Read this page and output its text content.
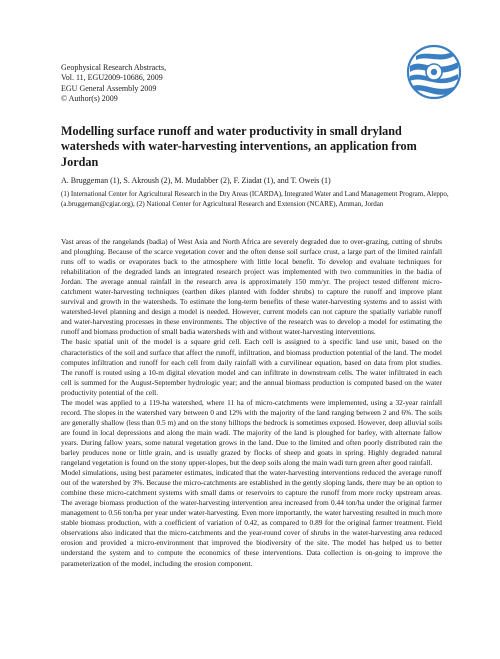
Geophysical Research Abstracts,
Vol. 11, EGU2009-10686, 2009
EGU General Assembly 2009
© Author(s) 2009
Modelling surface runoff and water productivity in small dryland watersheds with water-harvesting interventions, an application from Jordan
A. Bruggeman (1), S. Akroush (2), M. Mudabber (2), F. Ziadat (1), and T. Oweis (1)
(1) International Center for Agricultural Research in the Dry Areas (ICARDA), Integrated Water and Land Management Program, Aleppo, (a.bruggeman@cgiar.org), (2) National Center for Agricultural Research and Extension (NCARE), Amman, Jordan

Vast areas of the rangelands (badia) of West Asia and North Africa are severely degraded due to over-grazing, cutting of shrubs and ploughing. Because of the scarce vegetation cover and the often dense soil surface crust, a large part of the limited rainfall runs off to wadis or evaporates back to the atmosphere with little local benefit. To develop and evaluate techniques for rehabilitation of the degraded lands an integrated research project was implemented with two communities in the badia of Jordan. The average annual rainfall in the research area is approximately 150 mm/yr. The project tested different micro-catchment water-harvesting techniques (earthen dikes planted with fodder shrubs) to capture the runoff and improve plant survival and growth in the watersheds. To estimate the long-term benefits of these water-harvesting systems and to assist with watershed-level planning and design a model is needed. However, current models can not capture the spatially variable runoff and water-harvesting processes in these environments. The objective of the research was to develop a model for estimating the runoff and biomass production of small badia watersheds with and without water-harvesting interventions.

The basic spatial unit of the model is a square grid cell. Each cell is assigned to a specific land use unit, based on the characteristics of the soil and surface that affect the runoff, infiltration, and biomass production potential of the land. The model computes infiltration and runoff for each cell from daily rainfall with a curvilinear equation, based on data from plot studies. The runoff is routed using a 10-m digital elevation model and can infiltrate in downstream cells. The water infiltrated in each cell is summed for the August-September hydrologic year; and the annual biomass production is computed based on the water productivity potential of the cell.

The model was applied to a 119-ha watershed, where 11 ha of micro-catchments were implemented, using a 32-year rainfall record. The slopes in the watershed vary between 0 and 12% with the majority of the land ranging between 2 and 6%. The soils are generally shallow (less than 0.5 m) and on the stony hilltops the bedrock is sometimes exposed. However, deep alluvial soils are found in local depressions and along the main wadi. The majority of the land is ploughed for barley, with alternate fallow years. During fallow years, some natural vegetation grows in the land. Due to the limited and often poorly distributed rain the barley produces none or little grain, and is usually grazed by flocks of sheep and goats in spring. Highly degraded natural rangeland vegetation is found on the stony upper-slopes, but the deep soils along the main wadi turn green after good rainfall.

Model simulations, using best parameter estimates, indicated that the water-harvesting interventions reduced the average runoff out of the watershed by 3%. Because the micro-catchments are established in the gently sloping lands, there may be an option to combine these micro-catchment systems with small dams or reservoirs to capture the runoff from more rocky upstream areas. The average biomass production of the water-harvesting intervention area increased from 0.44 ton/ha under the original farmer management to 0.56 ton/ha per year under water-harvesting. Even more importantly, the water harvesting resulted in much more stable biomass production, with a coefficient of variation of 0.42, as compared to 0.89 for the original farmer treatment. Field observations also indicated that the micro-catchments and the year-round cover of shrubs in the water-harvesting area reduced erosion and provided a micro-environment that improved the biodiversity of the site. The model has helped us to better understand the system and to compute the economics of these interventions. Data collection is on-going to improve the parameterization of the model, including the erosion component.
